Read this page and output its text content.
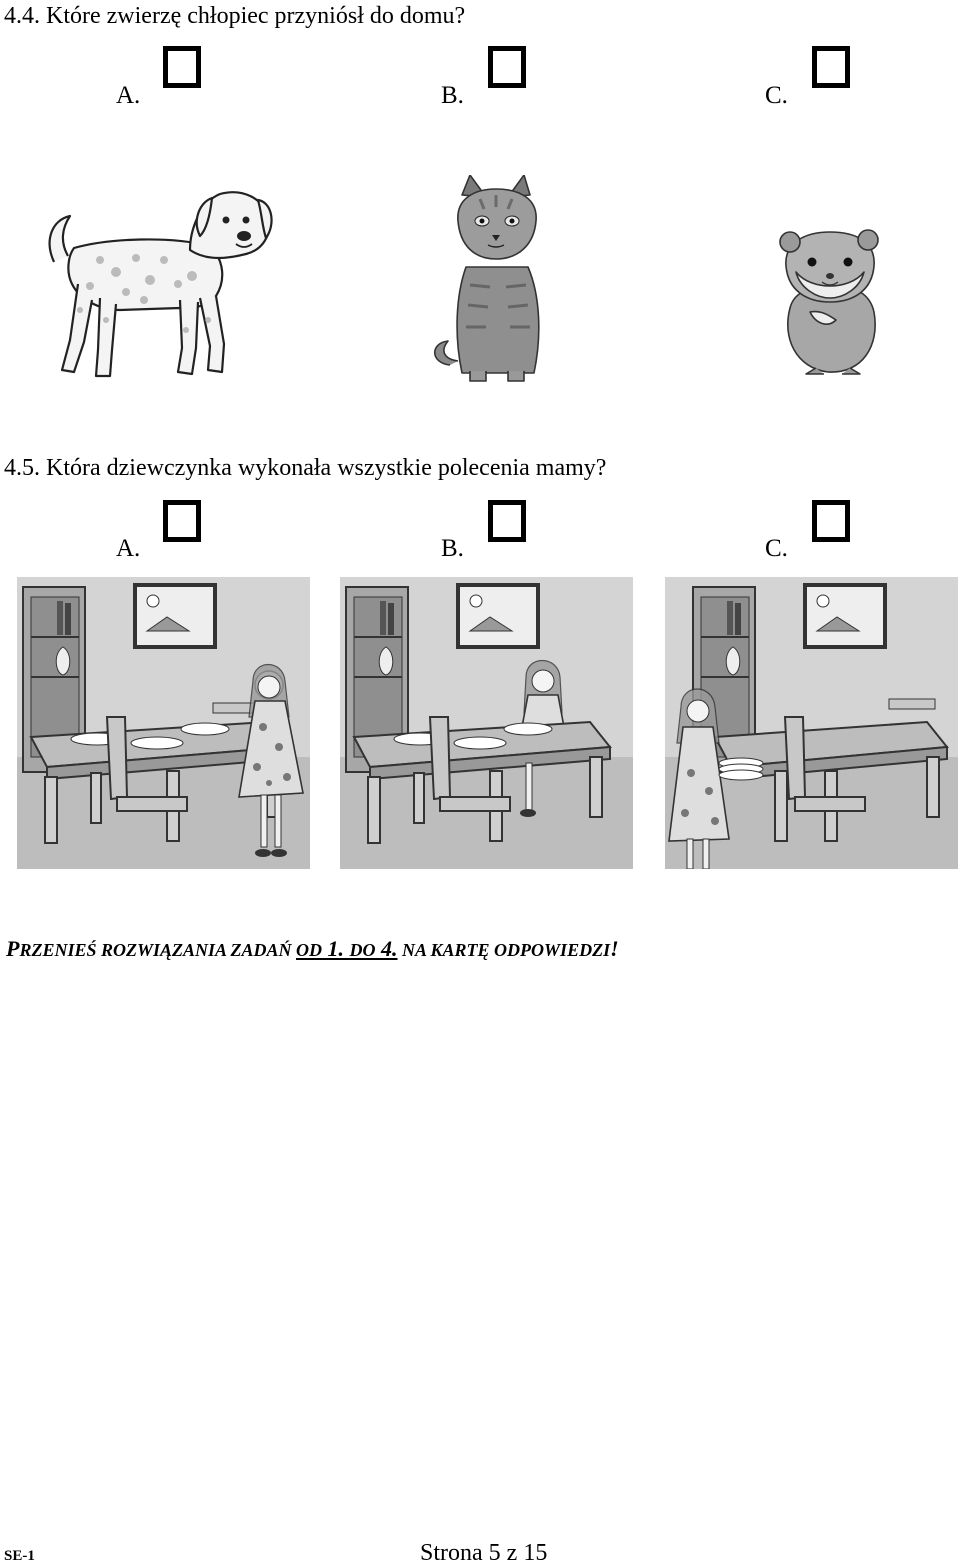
4.4. Które zwierzę chłopiec przyniósł do domu?
A.	B.	C.
4.5. Która dziewczynka wykonała wszystkie polecenia mamy?
A.	B.	C.
PRZENIEŚ ROZWIĄZANIA ZADAŃ OD 1. DO 4. NA KARTĘ ODPOWIEDZI!
SE-1	Strona 5 z 15
